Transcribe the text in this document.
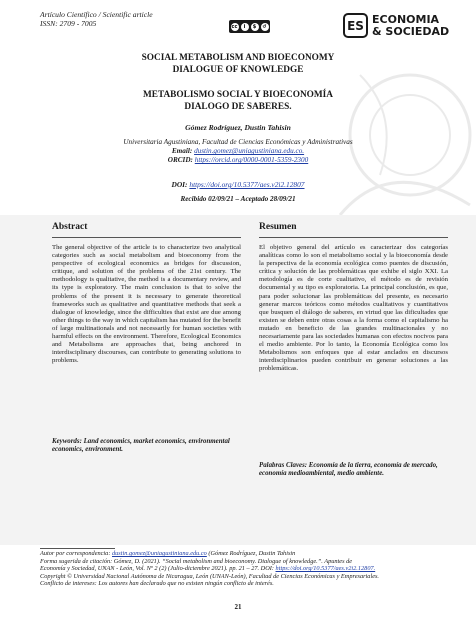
Artículo Científico / Scientific article
ISSN: 2709 - 7005	cc	i	$	↺	ES ECONOMIA
& SOCIEDAD
SOCIAL METABOLISM AND BIOECONOMY
DIALOGUE OF KNOWLEDGE
METABOLISMO SOCIAL Y BIOECONOMÍA
DIALOGO DE SABERES.
Gómez Rodríguez, Dustin Tahisin
Universitaria Agustiniana, Facultad de Ciencias Económicas y Administrativas
Email: dustin.gomez@uniagustiniana.edu.co.
ORCID: https://orcid.org/0000-0001-5359-2300
DOI: https://doi.org/10.5377/aes.v2i2.12807
Recibido 02/09/21 – Aceptado 28/09/21
Abstract
The general objective of the article is to characterize two analytical categories such as social metabolism and bioeconomy from the perspective of ecological economics as bridges for discussion, critique, and solution of the problems of the 21st century. The methodology is qualitative, the method is a documentary review, and its type is exploratory. The main conclusion is that to solve the problems of the present it is necessary to generate theoretical frameworks such as qualitative and quantitative methods that seek a dialogue of knowledge, since the difficulties that exist are due among other things to the way in which capitalism has mutated for the benefit of large multinationals and not necessarily for human societies with harmful effects on the environment. Therefore, Ecological Economics and Metabolisms are approaches that, being anchored in interdisciplinary discourses, can contribute to generating solutions to problems.
Keywords: Land economics, market economics, environmental economics, environment.
Resumen
El objetivo general del artículo es caracterizar dos categorías analíticas como lo son el metabolismo social y la bioeconomía desde la perspectiva de la economía ecológica como puentes de discusión, crítica y solución de las problemáticas que exhibe el siglo XXI. La metodología es de corte cualitativo, el método es de revisión documental y su tipo es exploratoria. La principal conclusión, es que, para poder solucionar las problemáticas del presente, es necesario generar marcos teóricos como métodos cualitativos y cuantitativos que busquen el diálogo de saberes, en virtud que las dificultades que existen se deben entre otras cosas a la forma como el capitalismo ha mutado en beneficio de las grandes multinacionales y no necesariamente para las sociedades humanas con efectos nocivos para el medio ambiente. Por lo tanto, la Economía Ecológica como los Metabolismos son enfoques que al estar anclados en discursos interdisciplinarios pueden contribuir en generar soluciones a las problemáticas.
Palabras Claves: Economía de la tierra, economía de mercado, economía medioambiental, medio ambiente.
Autor por correspondencia: dustin.gomez@uniagustiniana.edu.co (Gómez Rodríguez, Dustin Tahisin
Forma sugerida de citación: Gómez, D. (2021). “Social metabolism and bioeconomy. Dialogue of knowledge.”. Apuntes de
Economía y Sociedad, UNAN - León, Vol. Nº 2 (2) (Julio-diciembre 2021). pp. 21 – 27. DOI: https://doi.org/10.5377/aes.v2i2.12807.
Copyright © Universidad Nacional Autónoma de Nicaragua, León (UNAN-León), Facultad de Ciencias Económicas y Empresariales.
Conflicto de intereses: Los autores han declarado que no existen ningún conflicto de interés.
21
